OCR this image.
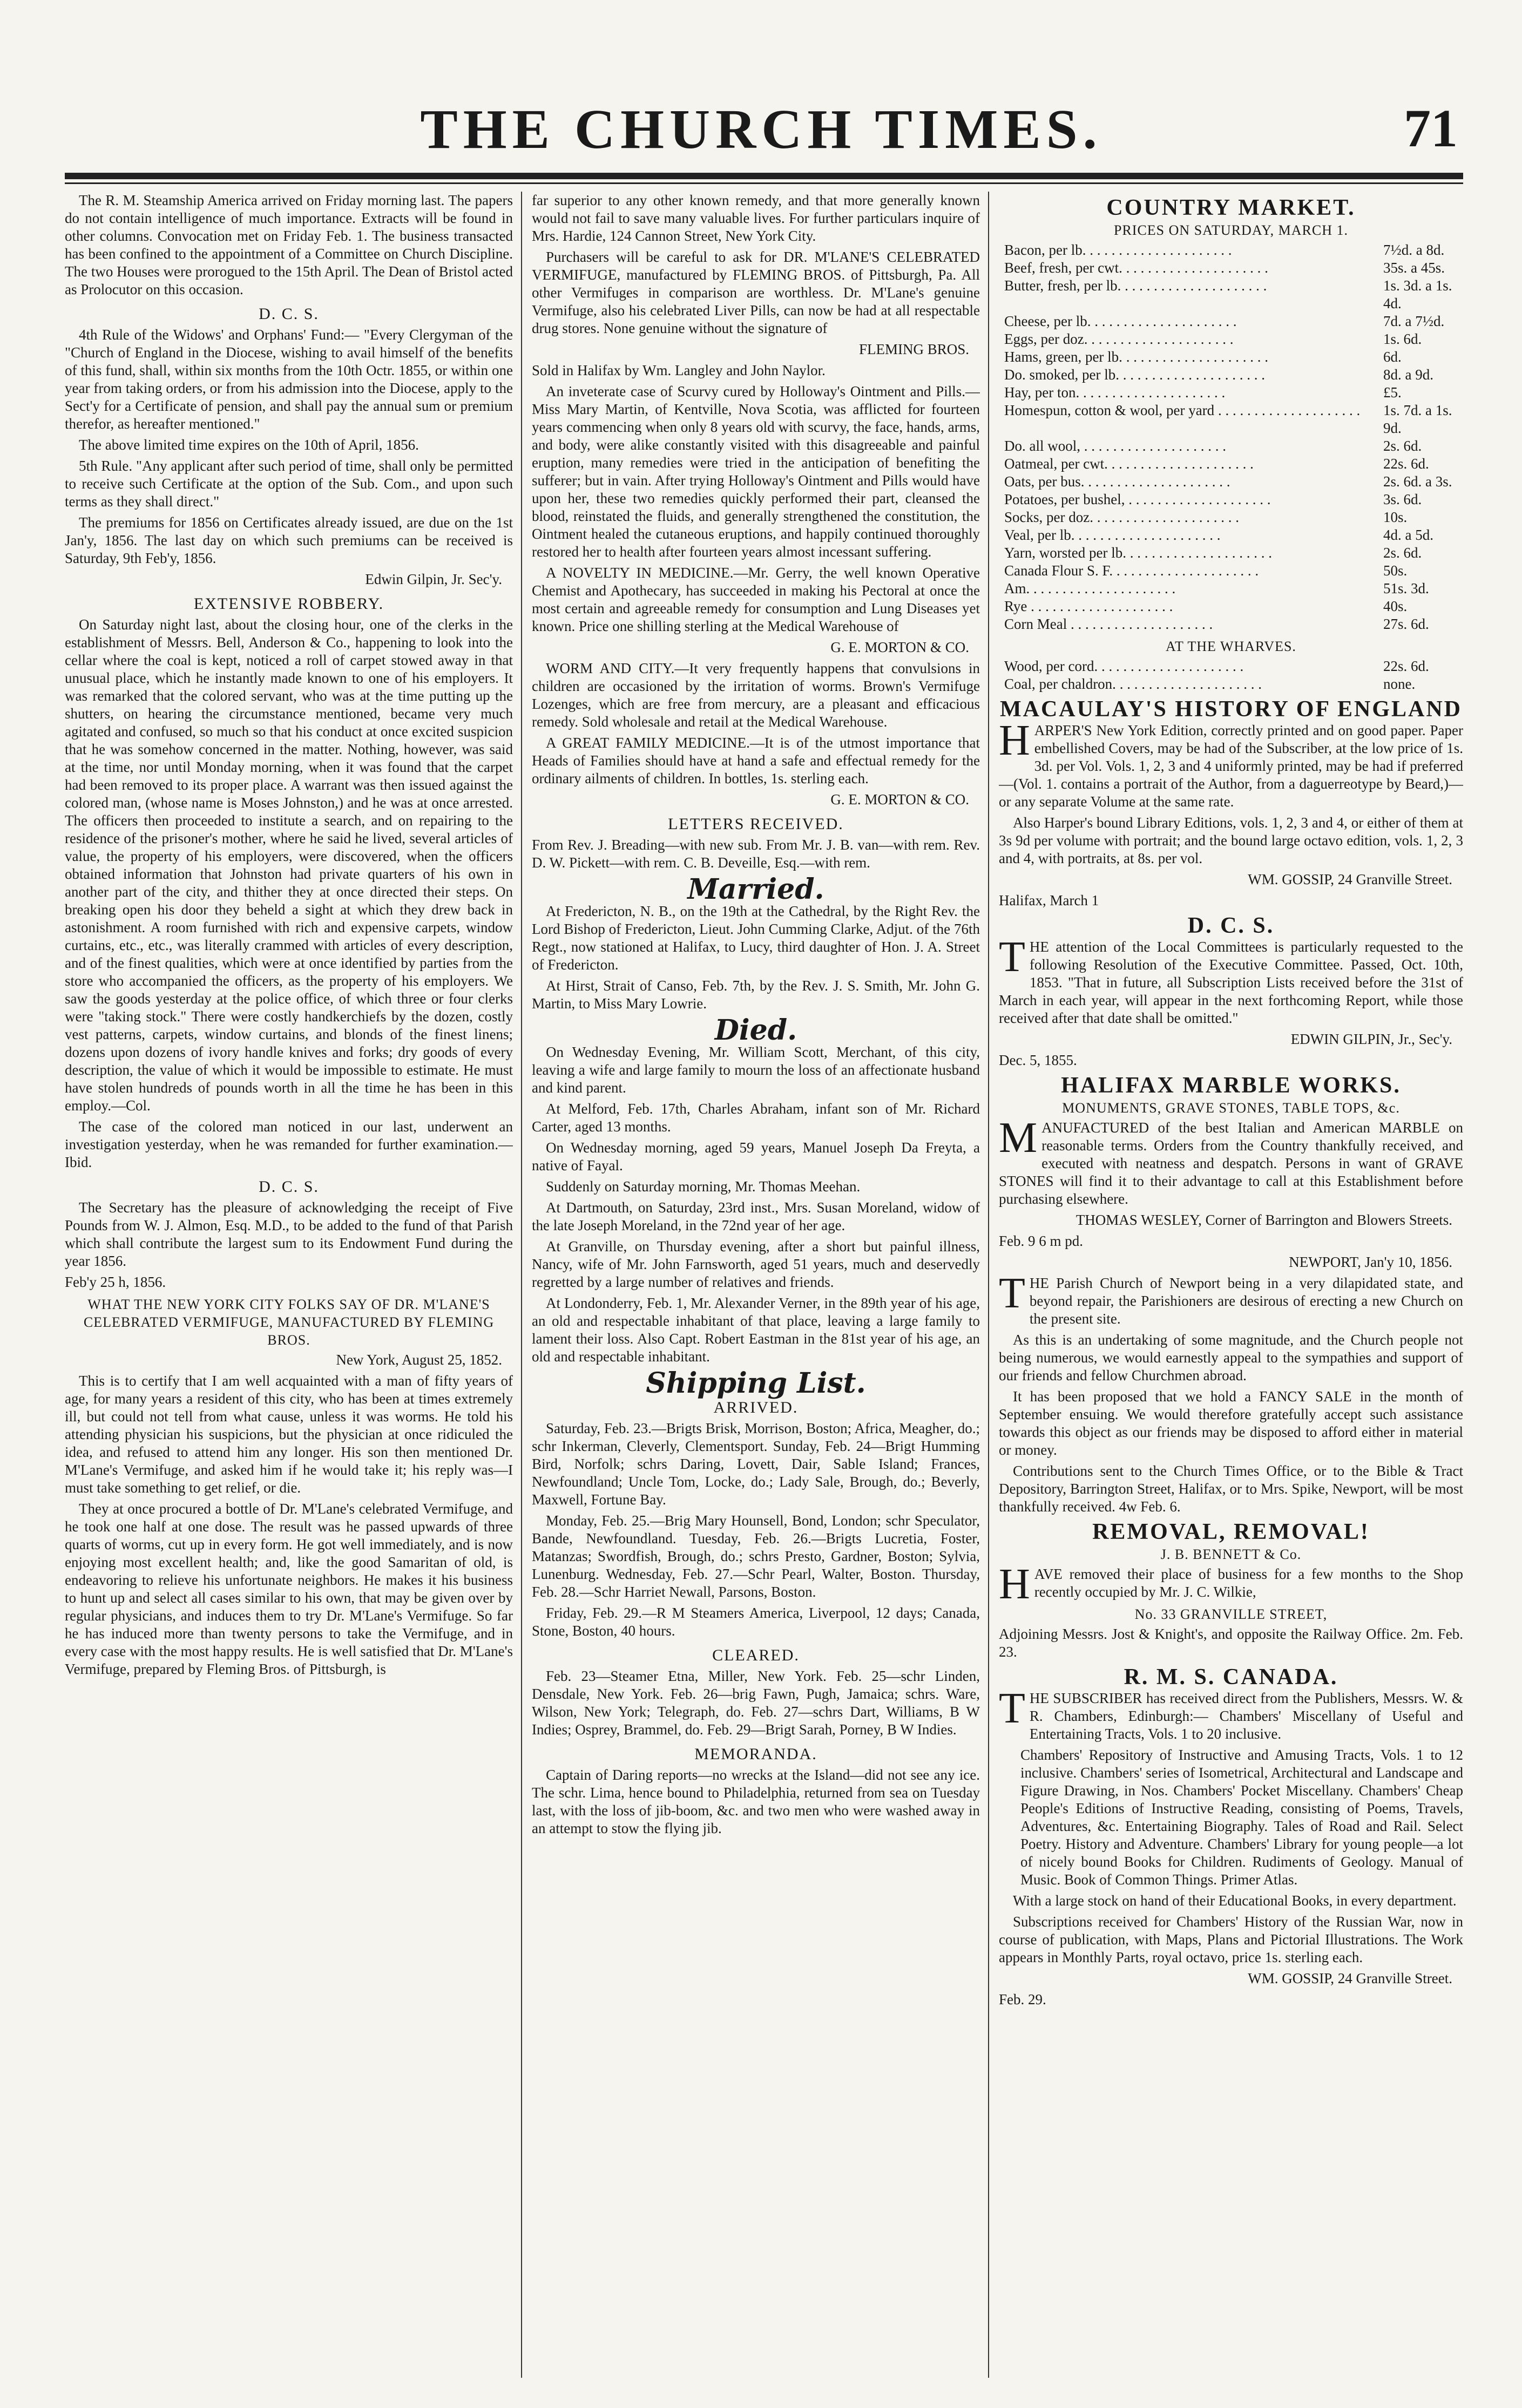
THE CHURCH TIMES.	71

The R. M. Steamship America arrived on Friday morning last. The papers do not contain intelligence of much importance. Extracts will be found in other columns. Convocation met on Friday Feb. 1. The business transacted has been confined to the appointment of a Committee on Church Discipline. The two Houses were prorogued to the 15th April. The Dean of Bristol acted as Prolocutor on this occasion.

D. C. S.

4th Rule of the Widows' and Orphans' Fund:— "Every Clergyman of the "Church of England in the Diocese, wishing to avail himself of the benefits of this fund, shall, within six months from the 10th Octr. 1855, or within one year from taking orders, or from his admission into the Diocese, apply to the Sect'y for a Certificate of pension, and shall pay the annual sum or premium therefor, as hereafter mentioned."

The above limited time expires on the 10th of April, 1856.

5th Rule. "Any applicant after such period of time, shall only be permitted to receive such Certificate at the option of the Sub. Com., and upon such terms as they shall direct."

The premiums for 1856 on Certificates already issued, are due on the 1st Jan'y, 1856. The last day on which such premiums can be received is Saturday, 9th Feb'y, 1856.

Edwin Gilpin, Jr. Sec'y.
EXTENSIVE ROBBERY.

On Saturday night last, about the closing hour, one of the clerks in the establishment of Messrs. Bell, Anderson & Co., happening to look into the cellar where the coal is kept, noticed a roll of carpet stowed away in that unusual place, which he instantly made known to one of his employers. It was remarked that the colored servant, who was at the time putting up the shutters, on hearing the circumstance mentioned, became very much agitated and confused, so much so that his conduct at once excited suspicion that he was somehow concerned in the matter. Nothing, however, was said at the time, nor until Monday morning, when it was found that the carpet had been removed to its proper place. A warrant was then issued against the colored man, (whose name is Moses Johnston,) and he was at once arrested. The officers then proceeded to institute a search, and on repairing to the residence of the prisoner's mother, where he said he lived, several articles of value, the property of his employers, were discovered, when the officers obtained information that Johnston had private quarters of his own in another part of the city, and thither they at once directed their steps. On breaking open his door they beheld a sight at which they drew back in astonishment. A room furnished with rich and expensive carpets, window curtains, etc., etc., was literally crammed with articles of every description, and of the finest qualities, which were at once identified by parties from the store who accompanied the officers, as the property of his employers. We saw the goods yesterday at the police office, of which three or four clerks were "taking stock." There were costly handkerchiefs by the dozen, costly vest patterns, carpets, window curtains, and blonds of the finest linens; dozens upon dozens of ivory handle knives and forks; dry goods of every description, the value of which it would be impossible to estimate. He must have stolen hundreds of pounds worth in all the time he has been in this employ.—Col.

The case of the colored man noticed in our last, underwent an investigation yesterday, when he was remanded for further examination.—Ibid.

D. C. S.

The Secretary has the pleasure of acknowledging the receipt of Five Pounds from W. J. Almon, Esq. M.D., to be added to the fund of that Parish which shall contribute the largest sum to its Endowment Fund during the year 1856.

Feb'y 25 h, 1856.

WHAT THE NEW YORK CITY FOLKS SAY OF DR. M'LANE'S CELEBRATED VERMIFUGE, MANUFACTURED BY FLEMING BROS.
New York, August 25, 1852.

This is to certify that I am well acquainted with a man of fifty years of age, for many years a resident of this city, who has been at times extremely ill, but could not tell from what cause, unless it was worms. He told his attending physician his suspicions, but the physician at once ridiculed the idea, and refused to attend him any longer. His son then mentioned Dr. M'Lane's Vermifuge, and asked him if he would take it; his reply was—I must take something to get relief, or die.

They at once procured a bottle of Dr. M'Lane's celebrated Vermifuge, and he took one half at one dose. The result was he passed upwards of three quarts of worms, cut up in every form. He got well immediately, and is now enjoying most excellent health; and, like the good Samaritan of old, is endeavoring to relieve his unfortunate neighbors. He makes it his business to hunt up and select all cases similar to his own, that may be given over by regular physicians, and induces them to try Dr. M'Lane's Vermifuge. So far he has induced more than twenty persons to take the Vermifuge, and in every case with the most happy results. He is well satisfied that Dr. M'Lane's Vermifuge, prepared by Fleming Bros. of Pittsburgh, is

far superior to any other known remedy, and that more generally known would not fail to save many valuable lives. For further particulars inquire of Mrs. Hardie, 124 Cannon Street, New York City.

Purchasers will be careful to ask for DR. M'LANE'S CELEBRATED VERMIFUGE, manufactured by FLEMING BROS. of Pittsburgh, Pa. All other Vermifuges in comparison are worthless. Dr. M'Lane's genuine Vermifuge, also his celebrated Liver Pills, can now be had at all respectable drug stores. None genuine without the signature of

FLEMING BROS.

Sold in Halifax by Wm. Langley and John Naylor.

An inveterate case of Scurvy cured by Holloway's Ointment and Pills.—Miss Mary Martin, of Kentville, Nova Scotia, was afflicted for fourteen years commencing when only 8 years old with scurvy, the face, hands, arms, and body, were alike constantly visited with this disagreeable and painful eruption, many remedies were tried in the anticipation of benefiting the sufferer; but in vain. After trying Holloway's Ointment and Pills would have upon her, these two remedies quickly performed their part, cleansed the blood, reinstated the fluids, and generally strengthened the constitution, the Ointment healed the cutaneous eruptions, and happily continued thoroughly restored her to health after fourteen years almost incessant suffering.

A NOVELTY IN MEDICINE.—Mr. Gerry, the well known Operative Chemist and Apothecary, has succeeded in making his Pectoral at once the most certain and agreeable remedy for consumption and Lung Diseases yet known. Price one shilling sterling at the Medical Warehouse of

G. E. MORTON & CO.

WORM AND CITY.—It very frequently happens that convulsions in children are occasioned by the irritation of worms. Brown's Vermifuge Lozenges, which are free from mercury, are a pleasant and efficacious remedy. Sold wholesale and retail at the Medical Warehouse.

A GREAT FAMILY MEDICINE.—It is of the utmost importance that Heads of Families should have at hand a safe and effectual remedy for the ordinary ailments of children. In bottles, 1s. sterling each.

G. E. MORTON & CO.
LETTERS RECEIVED.

From Rev. J. Breading—with new sub. From Mr. J. B. van—with rem. Rev. D. W. Pickett—with rem. C. B. Deveille, Esq.—with rem.

Married.

At Fredericton, N. B., on the 19th at the Cathedral, by the Right Rev. the Lord Bishop of Fredericton, Lieut. John Cumming Clarke, Adjut. of the 76th Regt., now stationed at Halifax, to Lucy, third daughter of Hon. J. A. Street of Fredericton.

At Hirst, Strait of Canso, Feb. 7th, by the Rev. J. S. Smith, Mr. John G. Martin, to Miss Mary Lowrie.

Died.

On Wednesday Evening, Mr. William Scott, Merchant, of this city, leaving a wife and large family to mourn the loss of an affectionate husband and kind parent.

At Melford, Feb. 17th, Charles Abraham, infant son of Mr. Richard Carter, aged 13 months.

On Wednesday morning, aged 59 years, Manuel Joseph Da Freyta, a native of Fayal.

Suddenly on Saturday morning, Mr. Thomas Meehan.

At Dartmouth, on Saturday, 23rd inst., Mrs. Susan Moreland, widow of the late Joseph Moreland, in the 72nd year of her age.

At Granville, on Thursday evening, after a short but painful illness, Nancy, wife of Mr. John Farnsworth, aged 51 years, much and deservedly regretted by a large number of relatives and friends.

At Londonderry, Feb. 1, Mr. Alexander Verner, in the 89th year of his age, an old and respectable inhabitant of that place, leaving a large family to lament their loss. Also Capt. Robert Eastman in the 81st year of his age, an old and respectable inhabitant.

Shipping List.
ARRIVED.

Saturday, Feb. 23.—Brigts Brisk, Morrison, Boston; Africa, Meagher, do.; schr Inkerman, Cleverly, Clementsport. Sunday, Feb. 24—Brigt Humming Bird, Norfolk; schrs Daring, Lovett, Dair, Sable Island; Frances, Newfoundland; Uncle Tom, Locke, do.; Lady Sale, Brough, do.; Beverly, Maxwell, Fortune Bay.

Monday, Feb. 25.—Brig Mary Hounsell, Bond, London; schr Speculator, Bande, Newfoundland. Tuesday, Feb. 26.—Brigts Lucretia, Foster, Matanzas; Swordfish, Brough, do.; schrs Presto, Gardner, Boston; Sylvia, Lunenburg. Wednesday, Feb. 27.—Schr Pearl, Walter, Boston. Thursday, Feb. 28.—Schr Harriet Newall, Parsons, Boston.

Friday, Feb. 29.—R M Steamers America, Liverpool, 12 days; Canada, Stone, Boston, 40 hours.

CLEARED.

Feb. 23—Steamer Etna, Miller, New York. Feb. 25—schr Linden, Densdale, New York. Feb. 26—brig Fawn, Pugh, Jamaica; schrs. Ware, Wilson, New York; Telegraph, do. Feb. 27—schrs Dart, Williams, B W Indies; Osprey, Brammel, do. Feb. 29—Brigt Sarah, Porney, B W Indies.

MEMORANDA.

Captain of Daring reports—no wrecks at the Island—did not see any ice. The schr. Lima, hence bound to Philadelphia, returned from sea on Tuesday last, with the loss of jib-boom, &c. and two men who were washed away in an attempt to stow the flying jib.

COUNTRY MARKET.
PRICES ON SATURDAY, MARCH 1.
Bacon, per lb. . . .	7½d. a 8d.
Beef, fresh, per cwt. . . .	35s. a 45s.
Butter, fresh, per lb. . . .	1s. 3d. a 1s. 4d.
Cheese, per lb. . . .	7d. a 7½d.
Eggs, per doz. . . .	1s. 6d.
Hams, green, per lb. . . .	6d.
Do. smoked, per lb. . . .	8d. a 9d.
Hay, per ton. . . .	£5.
Homespun, cotton & wool, per yard . . .	1s. 7d. a 1s. 9d.
Do. all wool, . . .	2s. 6d.
Oatmeal, per cwt. . . .	22s. 6d.
Oats, per bus. . . .	2s. 6d. a 3s.
Potatoes, per bushel, . . .	3s. 6d.
Socks, per doz. . . .	10s.
Veal, per lb. . . .	4d. a 5d.
Yarn, worsted per lb. . . .	2s. 6d.
Canada Flour S. F. . . .	50s.
Am. . . .	51s. 3d.
Rye . . .	40s.
Corn Meal . . .	27s. 6d.
AT THE WHARVES.
Wood, per cord. . . .	22s. 6d.
Coal, per chaldron. . . .	none.
MACAULAY'S HISTORY OF ENGLAND

HARPER'S New York Edition, correctly printed and on good paper. Paper embellished Covers, may be had of the Subscriber, at the low price of 1s. 3d. per Vol. Vols. 1, 2, 3 and 4 uniformly printed, may be had if preferred—(Vol. 1. contains a portrait of the Author, from a daguerreotype by Beard,)—or any separate Volume at the same rate.

Also Harper's bound Library Editions, vols. 1, 2, 3 and 4, or either of them at 3s 9d per volume with portrait; and the bound large octavo edition, vols. 1, 2, 3 and 4, with portraits, at 8s. per vol.

WM. GOSSIP, 24 Granville Street.

Halifax, March 1

D. C. S.

THE attention of the Local Committees is particularly requested to the following Resolution of the Executive Committee. Passed, Oct. 10th, 1853. "That in future, all Subscription Lists received before the 31st of March in each year, will appear in the next forthcoming Report, while those received after that date shall be omitted."

EDWIN GILPIN, Jr., Sec'y.

Dec. 5, 1855.

HALIFAX MARBLE WORKS.
MONUMENTS, GRAVE STONES, TABLE TOPS, &c.

MANUFACTURED of the best Italian and American MARBLE on reasonable terms. Orders from the Country thankfully received, and executed with neatness and despatch. Persons in want of GRAVE STONES will find it to their advantage to call at this Establishment before purchasing elsewhere.

THOMAS WESLEY, Corner of Barrington and Blowers Streets.

Feb. 9 6 m pd.

NEWPORT, Jan'y 10, 1856.

THE Parish Church of Newport being in a very dilapidated state, and beyond repair, the Parishioners are desirous of erecting a new Church on the present site.

As this is an undertaking of some magnitude, and the Church people not being numerous, we would earnestly appeal to the sympathies and support of our friends and fellow Churchmen abroad.

It has been proposed that we hold a FANCY SALE in the month of September ensuing. We would therefore gratefully accept such assistance towards this object as our friends may be disposed to afford either in material or money.

Contributions sent to the Church Times Office, or to the Bible & Tract Depository, Barrington Street, Halifax, or to Mrs. Spike, Newport, will be most thankfully received. 4w Feb. 6.

REMOVAL, REMOVAL!
J. B. BENNETT & Co.

HAVE removed their place of business for a few months to the Shop recently occupied by Mr. J. C. Wilkie,

No. 33 GRANVILLE STREET,

Adjoining Messrs. Jost & Knight's, and opposite the Railway Office. 2m. Feb. 23.

R. M. S. CANADA.

THE SUBSCRIBER has received direct from the Publishers, Messrs. W. & R. Chambers, Edinburgh:— Chambers' Miscellany of Useful and Entertaining Tracts, Vols. 1 to 20 inclusive.

Chambers' Repository of Instructive and Amusing Tracts, Vols. 1 to 12 inclusive. Chambers' series of Isometrical, Architectural and Landscape and Figure Drawing, in Nos. Chambers' Pocket Miscellany. Chambers' Cheap People's Editions of Instructive Reading, consisting of Poems, Travels, Adventures, &c. Entertaining Biography. Tales of Road and Rail. Select Poetry. History and Adventure. Chambers' Library for young people—a lot of nicely bound Books for Children. Rudiments of Geology. Manual of Music. Book of Common Things. Primer Atlas.

With a large stock on hand of their Educational Books, in every department.

Subscriptions received for Chambers' History of the Russian War, now in course of publication, with Maps, Plans and Pictorial Illustrations. The Work appears in Monthly Parts, royal octavo, price 1s. sterling each.

WM. GOSSIP, 24 Granville Street.

Feb. 29.
